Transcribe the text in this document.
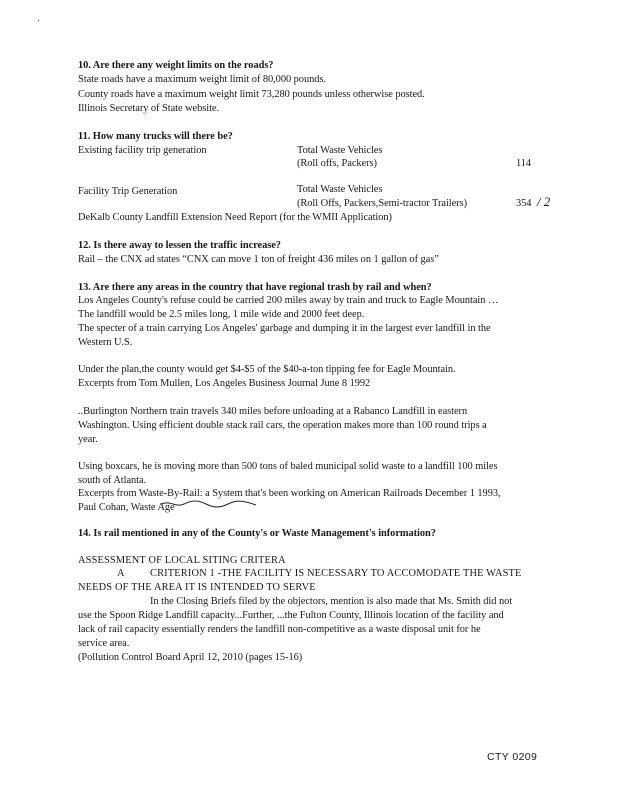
10. Are there any weight limits on the roads?
State roads have a maximum weight limit of 80,000 pounds.
County roads have a maximum weight limit 73,280 pounds unless otherwise posted.
Illinois Secretary of State website.
11. How many trucks will there be?
Existing facility trip generation	Total Waste Vehicles
(Roll offs, Packers)	114
Facility Trip Generation	Total Waste Vehicles
(Roll Offs, Packers,Semi-tractor Trailers)	354 / 2
DeKalb County Landfill Extension Need Report (for the WMII Application)
12. Is there away to lessen the traffic increase?
Rail – the CNX ad states “CNX can move 1 ton of freight 436 miles on 1 gallon of gas”
13. Are there any areas in the country that have regional trash by rail and when?
Los Angeles County's refuse could be carried 200 miles away by train and truck to Eagle Mountain …
The landfill would be 2.5 miles long, 1 mile wide and 2000 feet deep.
The specter of a train carrying Los Angeles' garbage and dumping it in the largest ever landfill in the
Western U.S.
Under the plan,the county would get $4-$5 of the $40-a-ton tipping fee for Eagle Mountain.
Excerpts from Tom Mullen, Los Angeles Business Journal June 8 1992
..Burlington Northern train travels 340 miles before unloading at a Rabanco Landfill in eastern
Washington. Using efficient double stack rail cars, the operation makes more than 100 round trips a
year.
Using boxcars, he is moving more than 500 tons of baled municipal solid waste to a landfill 100 miles
south of Atlanta.
Excerpts from Waste-By-Rail: a System that's been working on American Railroads December 1 1993,
Paul Cohan, Waste Age
14. Is rail mentioned in any of the County's or Waste Management's information?
ASSESSMENT OF LOCAL SITING CRITERA
A CRITERION 1 -THE FACILITY IS NECESSARY TO ACCOMODATE THE WASTE
NEEDS OF THE AREA IT IS INTENDED TO SERVE
In the Closing Briefs filed by the objectors, mention is also made that Ms. Smith did not
use the Spoon Ridge Landfill capacity...Further, ...the Fulton County, Illinois location of the facility and
lack of rail capacity essentially renders the landfill non-competitive as a waste disposal unit for he
service area.
(Pollution Control Board April 12, 2010 (pages 15-16)
CTY 0209
